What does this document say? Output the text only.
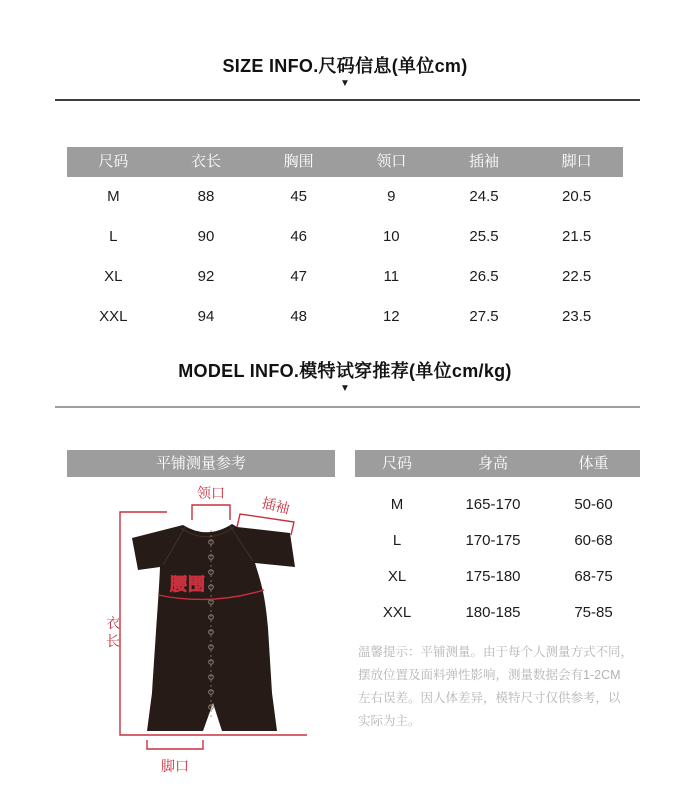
SIZE INFO.尺码信息(单位cm)
▼
尺码	衣长	胸围	领口	插袖	脚口
M	88	45	9	24.5	20.5
L	90	46	10	25.5	21.5
XL	92	47	11	26.5	22.5
XXL	94	48	12	27.5	23.5
MODEL INFO.模特试穿推荐(单位cm/kg)
▼
平铺测量参考
领口
插袖
腰围
衣
长
脚口
尺码	身高	体重
M	165-170	50-60
L	170-175	60-68
XL	175-180	68-75
XXL	180-185	75-85
温馨提示：平铺测量。由于每个人测量方式不同，
摆放位置及面料弹性影响，测量数据会有1-2CM
左右误差。因人体差异，模特尺寸仅供参考，以
实际为主。
